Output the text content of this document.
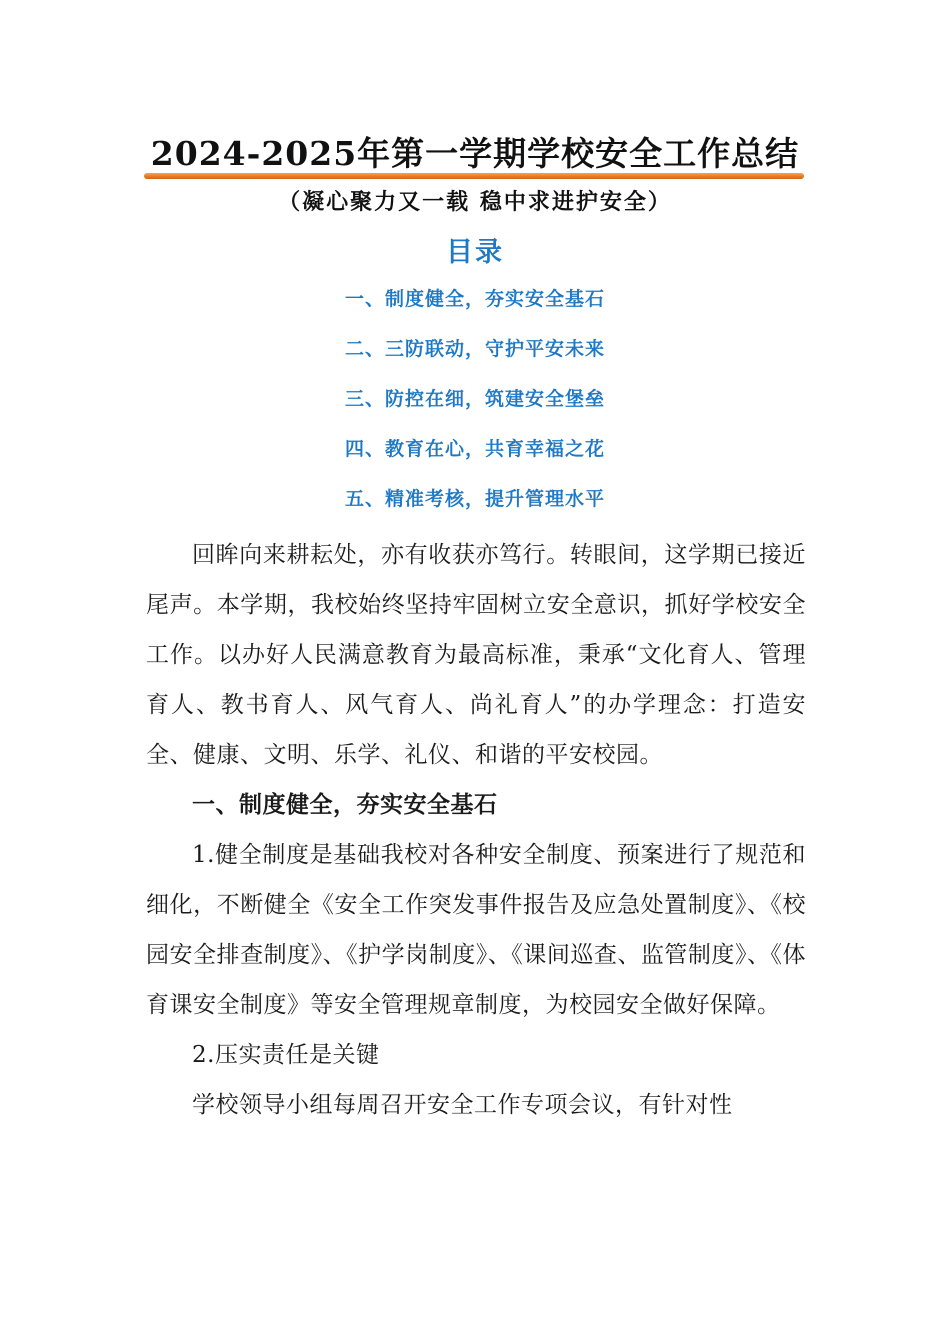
2024-2025年第一学期学校安全工作总结
（凝心聚力又一载 稳中求进护安全）
目录
一、制度健全，夯实安全基石
二、三防联动，守护平安未来
三、防控在细，筑建安全堡垒
四、教育在心，共育幸福之花
五、精准考核，提升管理水平

回眸向来耕耘处，亦有收获亦笃行。转眼间，这学期已接近尾声。本学期，我校始终坚持牢固树立安全意识，抓好学校安全工作。以办好人民满意教育为最高标准，秉承“文化育人、管理育人、教书育人、风气育人、尚礼育人”的办学理念：打造安全、健康、文明、乐学、礼仪、和谐的平安校园。

一、制度健全，夯实安全基石

1.健全制度是基础我校对各种安全制度、预案进行了规范和细化，不断健全《安全工作突发事件报告及应急处置制度》、《校园安全排查制度》、《护学岗制度》、《课间巡查、监管制度》、《体育课安全制度》等安全管理规章制度，为校园安全做好保障。

2.压实责任是关键

学校领导小组每周召开安全工作专项会议，有针对性
